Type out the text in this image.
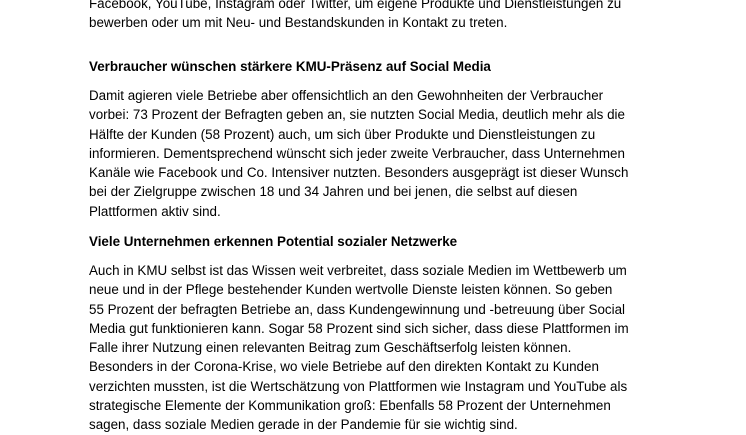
Facebook, YouTube, Instagram oder Twitter, um eigene Produkte und Dienstleistungen zu
bewerben oder um mit Neu- und Bestandskunden in Kontakt zu treten.

Verbraucher wünschen stärkere KMU-Präsenz auf Social Media

Damit agieren viele Betriebe aber offensichtlich an den Gewohnheiten der Verbraucher
vorbei: 73 Prozent der Befragten geben an, sie nutzten Social Media, deutlich mehr als die
Hälfte der Kunden (58 Prozent) auch, um sich über Produkte und Dienstleistungen zu
informieren. Dementsprechend wünscht sich jeder zweite Verbraucher, dass Unternehmen
Kanäle wie Facebook und Co. Intensiver nutzten. Besonders ausgeprägt ist dieser Wunsch
bei der Zielgruppe zwischen 18 und 34 Jahren und bei jenen, die selbst auf diesen
Plattformen aktiv sind.

Viele Unternehmen erkennen Potential sozialer Netzwerke

Auch in KMU selbst ist das Wissen weit verbreitet, dass soziale Medien im Wettbewerb um
neue und in der Pflege bestehender Kunden wertvolle Dienste leisten können. So geben
55 Prozent der befragten Betriebe an, dass Kundengewinnung und -betreuung über Social
Media gut funktionieren kann. Sogar 58 Prozent sind sich sicher, dass diese Plattformen im
Falle ihrer Nutzung einen relevanten Beitrag zum Geschäftserfolg leisten können.
Besonders in der Corona-Krise, wo viele Betriebe auf den direkten Kontakt zu Kunden
verzichten mussten, ist die Wertschätzung von Plattformen wie Instagram und YouTube als
strategische Elemente der Kommunikation groß: Ebenfalls 58 Prozent der Unternehmen
sagen, dass soziale Medien gerade in der Pandemie für sie wichtig sind.
